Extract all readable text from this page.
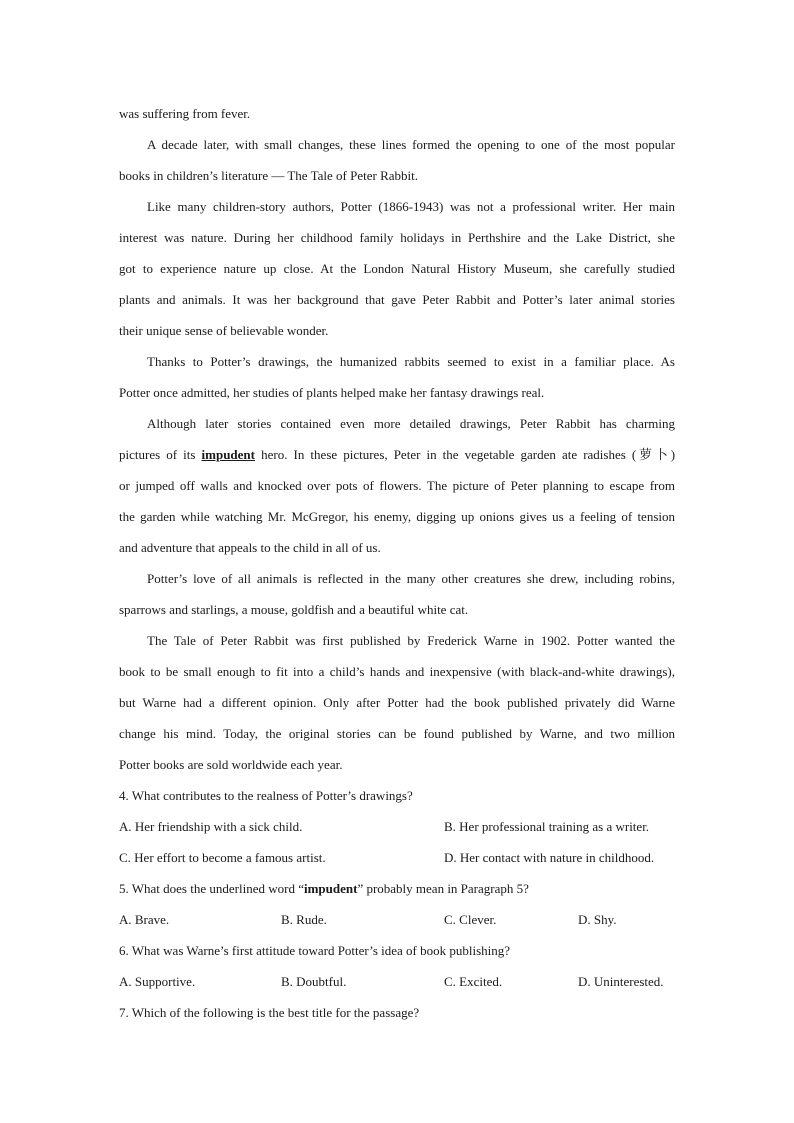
was suffering from fever.
A decade later, with small changes, these lines formed the opening to one of the most popular
books in children’s literature — The Tale of Peter Rabbit.
Like many children-story authors, Potter (1866-1943) was not a professional writer. Her main
interest was nature. During her childhood family holidays in Perthshire and the Lake District, she
got to experience nature up close. At the London Natural History Museum, she carefully studied
plants and animals. It was her background that gave Peter Rabbit and Potter’s later animal stories
their unique sense of believable wonder.
Thanks to Potter’s drawings, the humanized rabbits seemed to exist in a familiar place. As
Potter once admitted, her studies of plants helped make her fantasy drawings real.
Although later stories contained even more detailed drawings, Peter Rabbit has charming
pictures of its impudent hero. In these pictures, Peter in the vegetable garden ate radishes (萝卜)
or jumped off walls and knocked over pots of flowers. The picture of Peter planning to escape from
the garden while watching Mr. McGregor, his enemy, digging up onions gives us a feeling of tension
and adventure that appeals to the child in all of us.
Potter’s love of all animals is reflected in the many other creatures she drew, including robins,
sparrows and starlings, a mouse, goldfish and a beautiful white cat.
The Tale of Peter Rabbit was first published by Frederick Warne in 1902. Potter wanted the
book to be small enough to fit into a child’s hands and inexpensive (with black-and-white drawings),
but Warne had a different opinion. Only after Potter had the book published privately did Warne
change his mind. Today, the original stories can be found published by Warne, and two million
Potter books are sold worldwide each year.
4. What contributes to the realness of Potter’s drawings?
A. Her friendship with a sick child.	B. Her professional training as a writer.
C. Her effort to become a famous artist.	D. Her contact with nature in childhood.
5. What does the underlined word “impudent” probably mean in Paragraph 5?
A. Brave.	B. Rude.	C. Clever.	D. Shy.
6. What was Warne’s first attitude toward Potter’s idea of book publishing?
A. Supportive.	B. Doubtful.	C. Excited.	D. Uninterested.
7. Which of the following is the best title for the passage?
